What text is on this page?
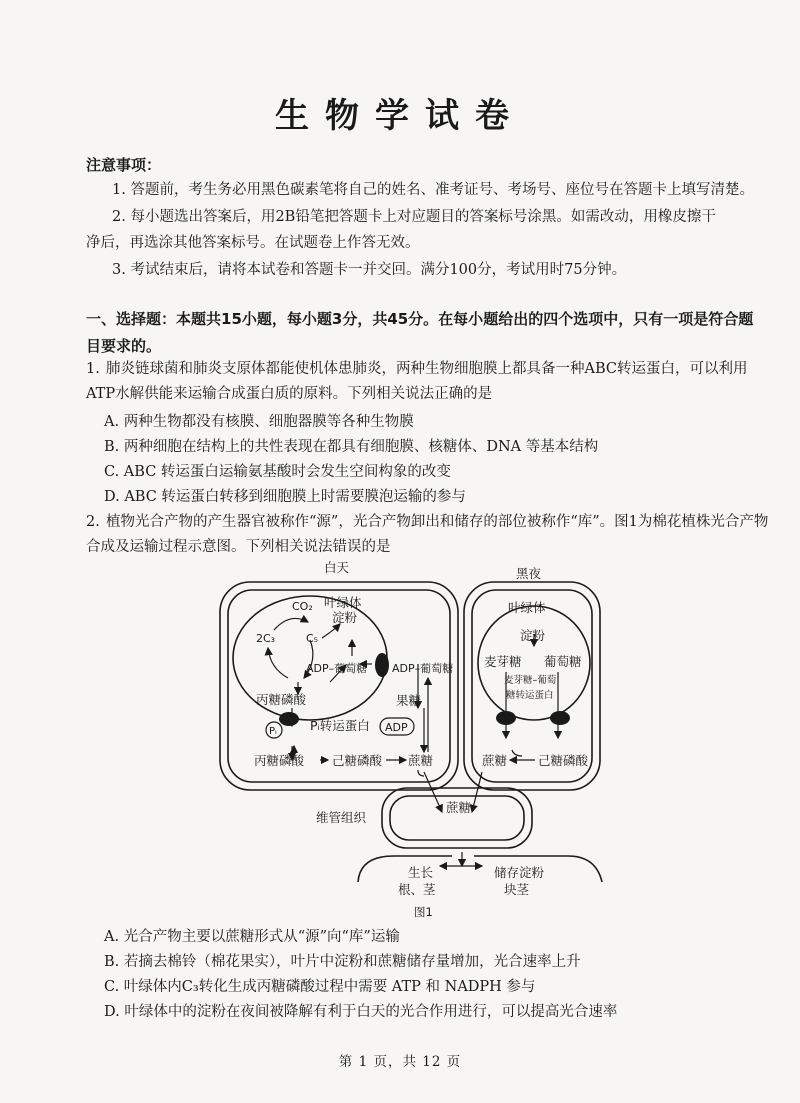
生物学试卷
注意事项：
1. 答题前，考生务必用黑色碳素笔将自己的姓名、准考证号、考场号、座位号在答题卡上填写清楚。
2. 每小题选出答案后，用2B铅笔把答题卡上对应题目的答案标号涂黑。如需改动，用橡皮擦干
净后，再选涂其他答案标号。在试题卷上作答无效。
3. 考试结束后，请将本试卷和答题卡一并交回。满分100分，考试用时75分钟。
一、选择题：本题共15小题，每小题3分，共45分。在每小题给出的四个选项中，只有一项是符合题目要求的。
1. 肺炎链球菌和肺炎支原体都能使机体患肺炎，两种生物细胞膜上都具备一种ABC转运蛋白，可以利用ATP水解供能来运输合成蛋白质的原料。下列相关说法正确的是
A. 两种生物都没有核膜、细胞器膜等各种生物膜
B. 两种细胞在结构上的共性表现在都具有细胞膜、核糖体、DNA 等基本结构
C. ABC 转运蛋白运输氨基酸时会发生空间构象的改变
D. ABC 转运蛋白转移到细胞膜上时需要膜泡运输的参与
2. 植物光合产物的产生器官被称作“源”，光合产物卸出和储存的部位被称作“库”。图1为棉花植株光合产物合成及运输过程示意图。下列相关说法错误的是
白天	黑夜
叶绿体
CO₂
淀粉
2C₃	C₅
ADP–葡萄糖 ADP–葡萄糖
丙糖磷酸	果糖
Pᵢ	Pᵢ转运蛋白 ADP
丙糖磷酸 己糖磷酸 蔗糖
叶绿体
淀粉
麦芽糖 葡萄糖
麦芽糖–葡萄
糖转运蛋白
蔗糖 己糖磷酸
维管组织
蔗糖
生长
根、茎
储存淀粉
块茎
图1
A. 光合产物主要以蔗糖形式从“源”向“库”运输
B. 若摘去棉铃（棉花果实），叶片中淀粉和蔗糖储存量增加，光合速率上升
C. 叶绿体内C₃转化生成丙糖磷酸过程中需要 ATP 和 NADPH 参与
D. 叶绿体中的淀粉在夜间被降解有利于白天的光合作用进行，可以提高光合速率
第 1 页，共 12 页
